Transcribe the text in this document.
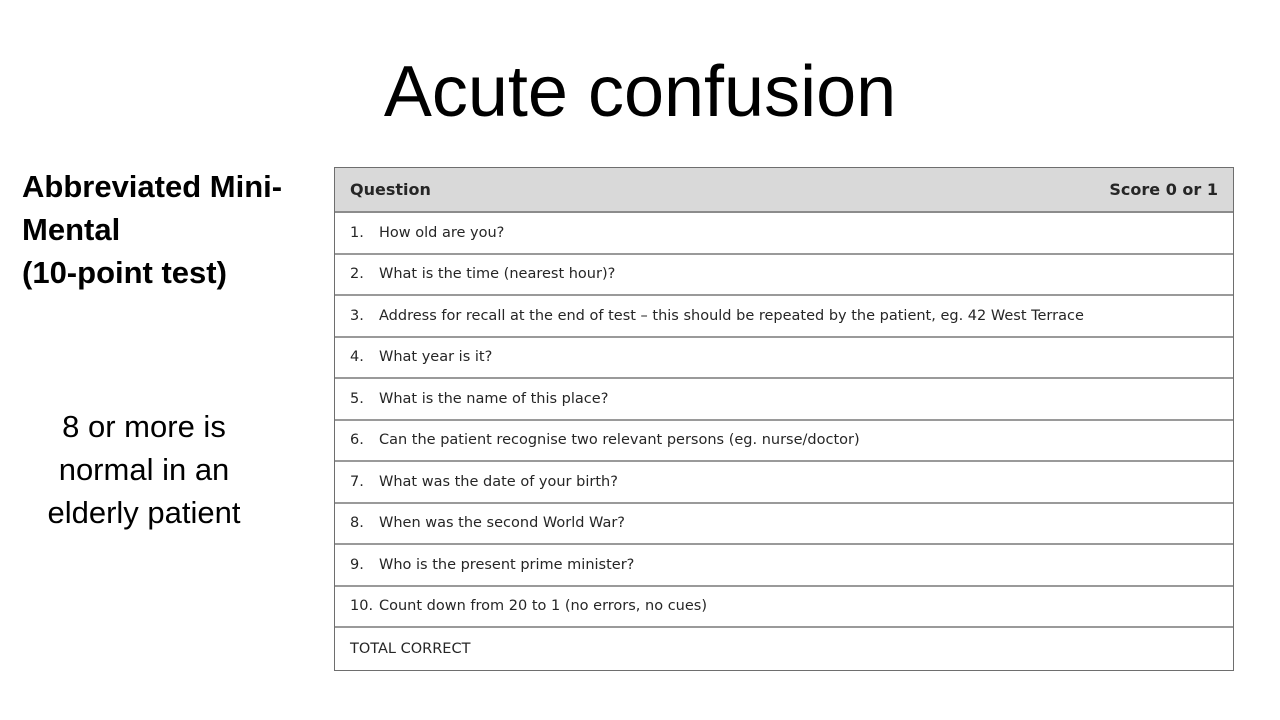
Acute confusion
Abbreviated Mini-
Mental
(10-point test)
8 or more is
normal in an
elderly patient
Question	Score 0 or 1
1.	How old are you?
2.	What is the time (nearest hour)?
3.	Address for recall at the end of test – this should be repeated by the patient, eg. 42 West Terrace
4.	What year is it?
5.	What is the name of this place?
6.	Can the patient recognise two relevant persons (eg. nurse/doctor)
7.	What was the date of your birth?
8.	When was the second World War?
9.	Who is the present prime minister?
10. Count down from 20 to 1 (no errors, no cues)
TOTAL CORRECT
